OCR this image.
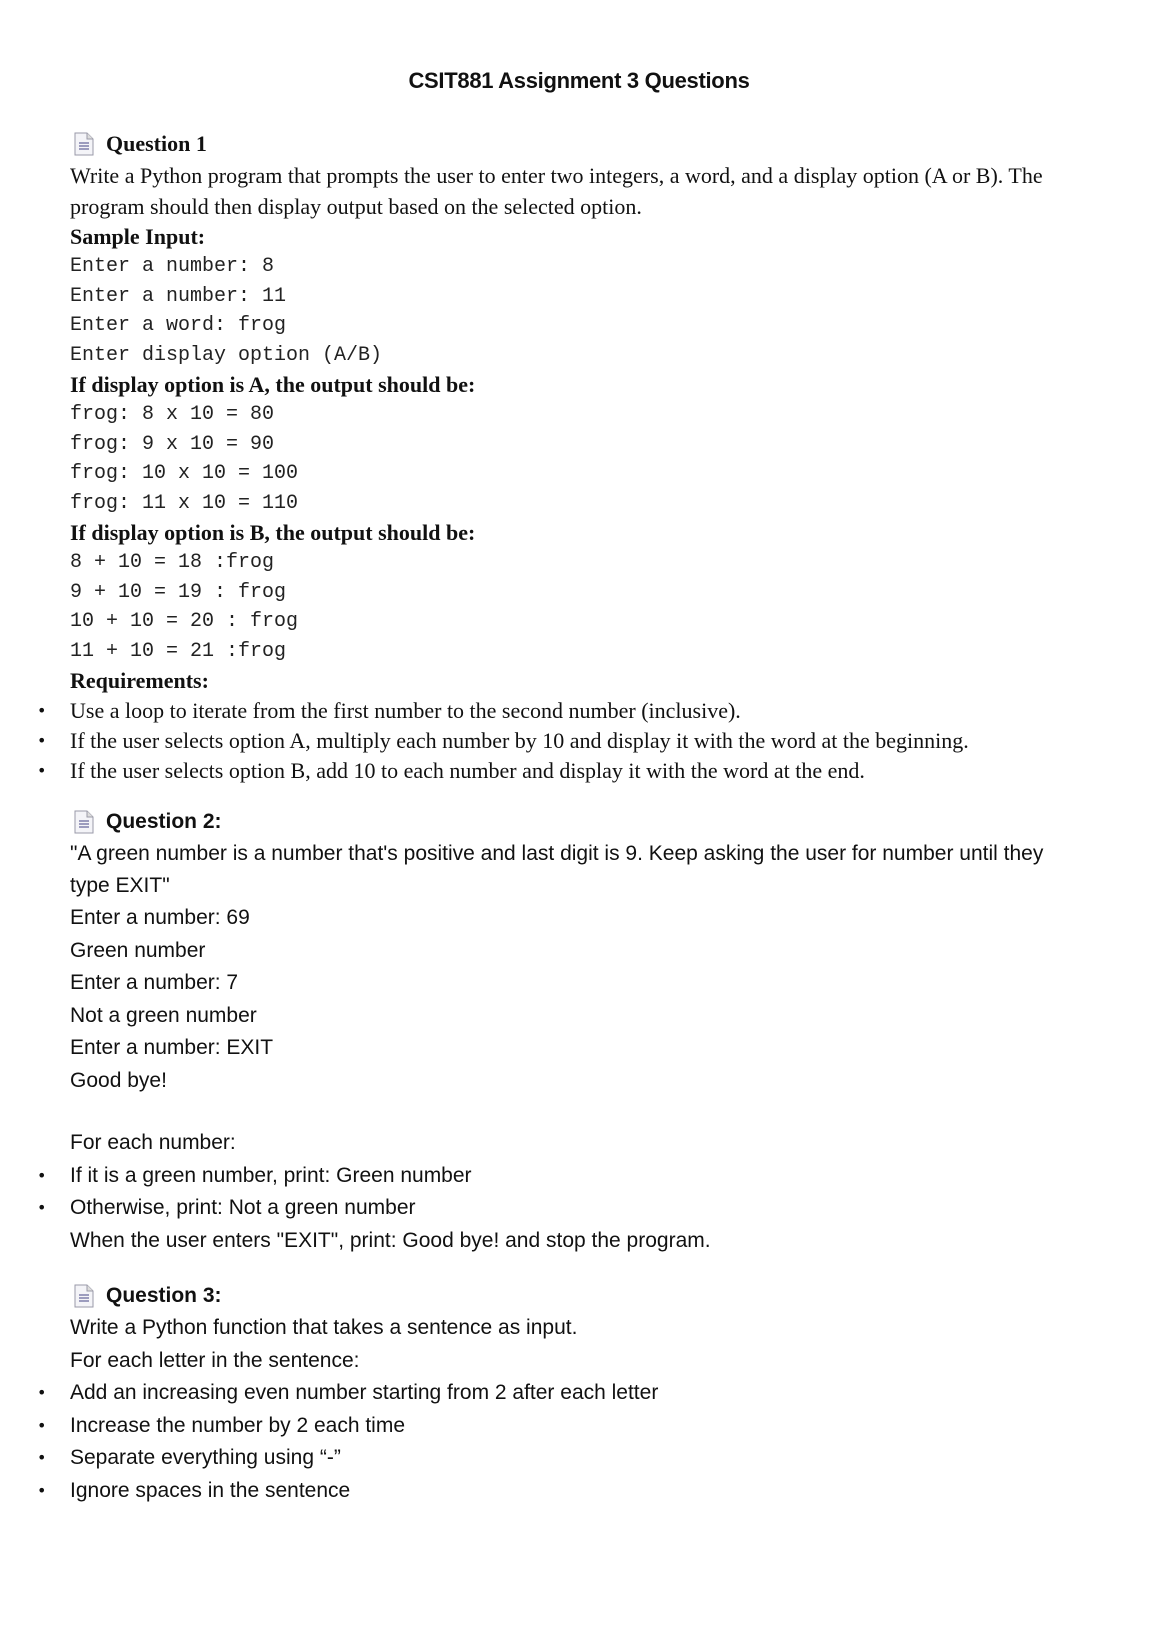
CSIT881 Assignment 3 Questions
Question 1
Write a Python program that prompts the user to enter two integers, a word, and a display option (A or B). The program should then display output based on the selected option.
Sample Input:
Enter a number: 8
Enter a number: 11
Enter a word: frog
Enter display option (A/B)
If display option is A, the output should be:
frog: 8 x 10 = 80
frog: 9 x 10 = 90
frog: 10 x 10 = 100
frog: 11 x 10 = 110
If display option is B, the output should be:
8 + 10 = 18 :frog
9 + 10 = 19 : frog
10 + 10 = 20 : frog
11 + 10 = 21 :frog
Requirements:
• Use a loop to iterate from the first number to the second number (inclusive).
• If the user selects option A, multiply each number by 10 and display it with the word at the beginning.
• If the user selects option B, add 10 to each number and display it with the word at the end.
Question 2:
"A green number is a number that's positive and last digit is 9. Keep asking the user for number until they type EXIT"
Enter a number: 69
Green number
Enter a number: 7
Not a green number
Enter a number: EXIT
Good bye!
For each number:
• If it is a green number, print: Green number
• Otherwise, print: Not a green number
When the user enters "EXIT", print: Good bye! and stop the program.
Question 3:
Write a Python function that takes a sentence as input.
For each letter in the sentence:
• Add an increasing even number starting from 2 after each letter
• Increase the number by 2 each time
• Separate everything using “-”
• Ignore spaces in the sentence
